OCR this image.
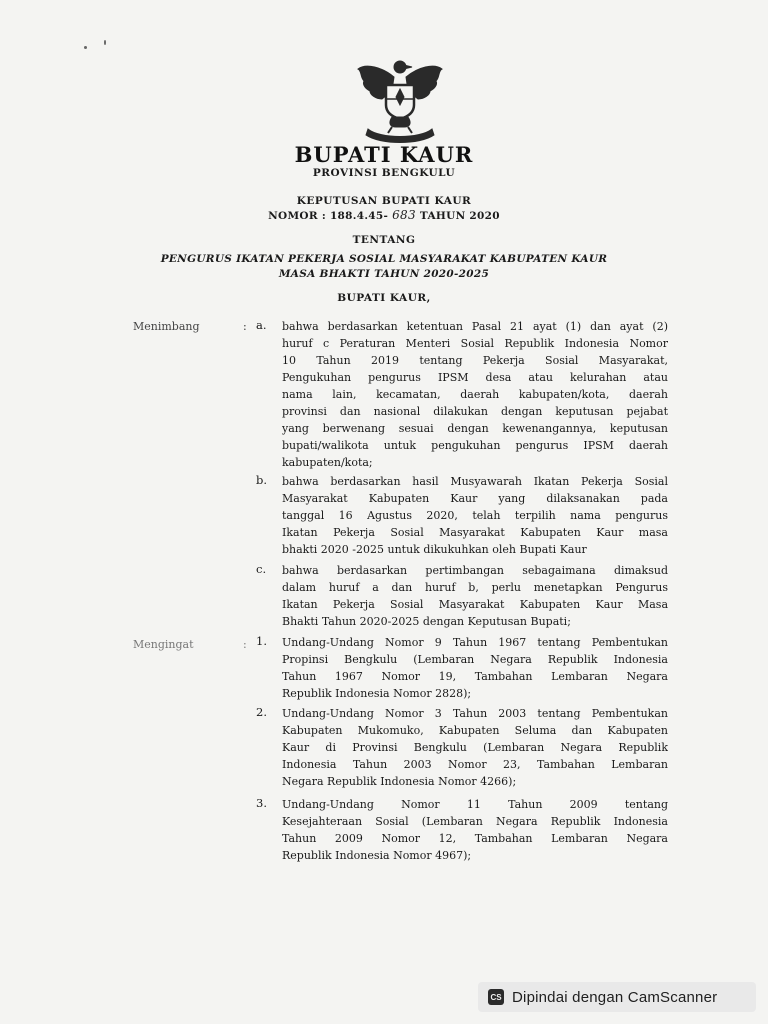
BUPATI KAUR
PROVINSI BENGKULU
KEPUTUSAN BUPATI KAUR
NOMOR : 188.4.45- 683 TAHUN 2020
TENTANG
PENGURUS IKATAN PEKERJA SOSIAL MASYARAKAT KABUPATEN KAUR
MASA BHAKTI TAHUN 2020-2025
BUPATI KAUR,
Menimbang	: a. bahwa berdasarkan ketentuan Pasal 21 ayat (1) dan ayat (2)
huruf c Peraturan Menteri Sosial Republik Indonesia Nomor
10 Tahun 2019 tentang Pekerja Sosial Masyarakat,
Pengukuhan pengurus IPSM desa atau kelurahan atau
nama lain, kecamatan, daerah kabupaten/kota, daerah
provinsi dan nasional dilakukan dengan keputusan pejabat
yang berwenang sesuai dengan kewenangannya, keputusan
bupati/walikota untuk pengukuhan pengurus IPSM daerah
kabupaten/kota;
b. bahwa berdasarkan hasil Musyawarah Ikatan Pekerja Sosial
Masyarakat Kabupaten Kaur yang dilaksanakan pada
tanggal 16 Agustus 2020, telah terpilih nama pengurus
Ikatan Pekerja Sosial Masyarakat Kabupaten Kaur masa
bhakti 2020 -2025 untuk dikukuhkan oleh Bupati Kaur
c. bahwa berdasarkan pertimbangan sebagaimana dimaksud
dalam huruf a dan huruf b, perlu menetapkan Pengurus
Ikatan Pekerja Sosial Masyarakat Kabupaten Kaur Masa
Bhakti Tahun 2020-2025 dengan Keputusan Bupati;
Mengingat	: 1. Undang-Undang Nomor 9 Tahun 1967 tentang Pembentukan
Propinsi Bengkulu (Lembaran Negara Republik Indonesia
Tahun 1967 Nomor 19, Tambahan Lembaran Negara
Republik Indonesia Nomor 2828);
2. Undang-Undang Nomor 3 Tahun 2003 tentang Pembentukan
Kabupaten Mukomuko, Kabupaten Seluma dan Kabupaten
Kaur di Provinsi Bengkulu (Lembaran Negara Republik
Indonesia Tahun 2003 Nomor 23, Tambahan Lembaran
Negara Republik Indonesia Nomor 4266);
3. Undang-Undang Nomor 11 Tahun 2009 tentang
Kesejahteraan Sosial (Lembaran Negara Republik Indonesia
Tahun 2009 Nomor 12, Tambahan Lembaran Negara
Republik Indonesia Nomor 4967);
CS Dipindai dengan CamScanner
